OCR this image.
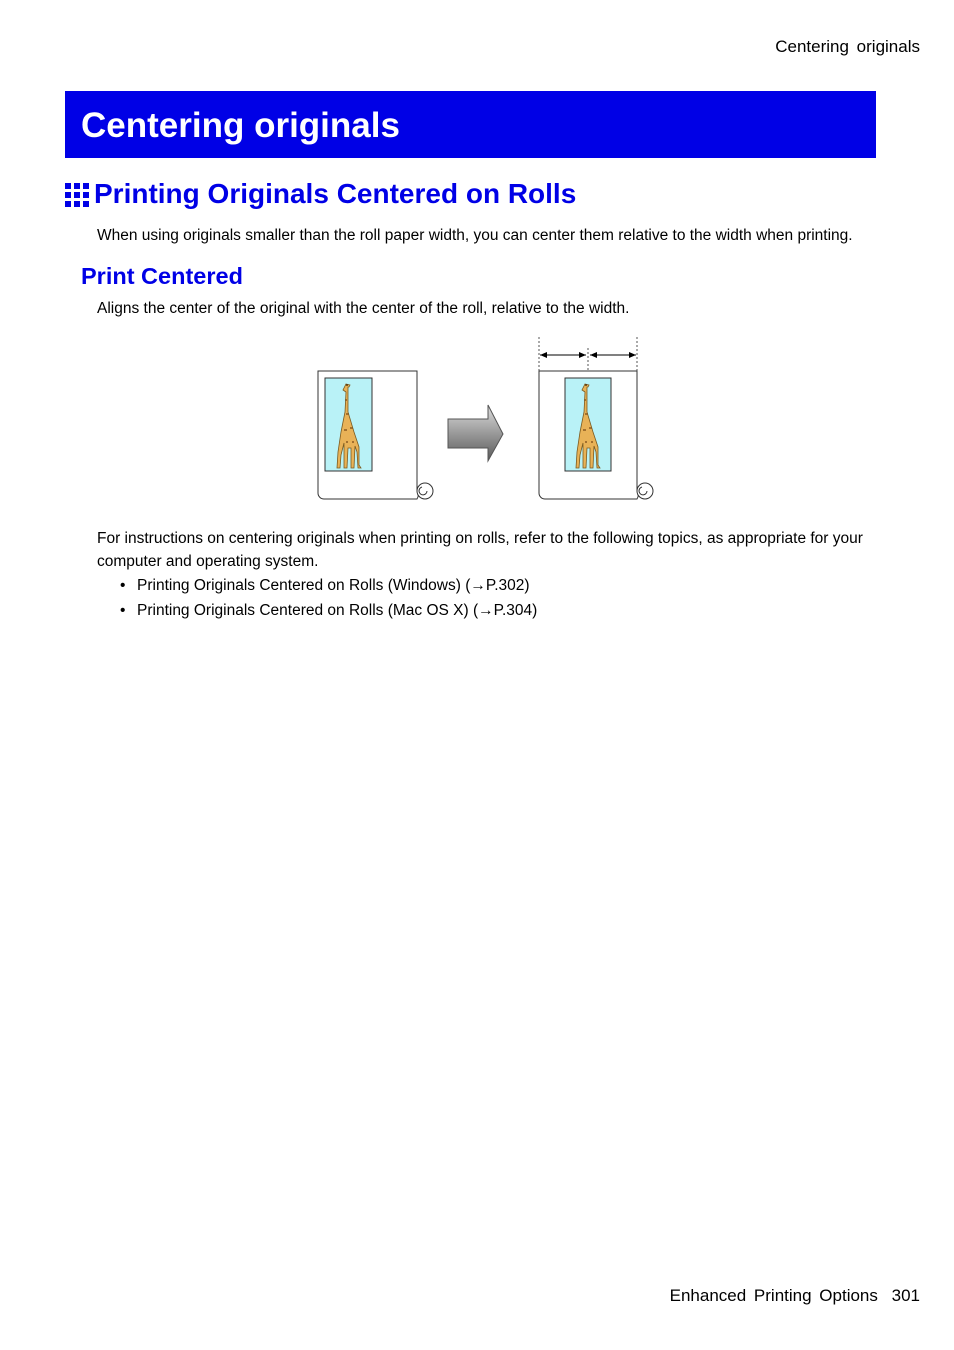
Centering originals
Centering originals
Printing Originals Centered on Rolls

When using originals smaller than the roll paper width, you can center them relative to the width when printing.

Print Centered

Aligns the center of the original with the center of the roll, relative to the width.

For instructions on centering originals when printing on rolls, refer to the following topics, as appropriate for your computer and operating system.

• Printing Originals Centered on Rolls (Windows) (→P.302)
• Printing Originals Centered on Rolls (Mac OS X) (→P.304)
Enhanced Printing Options 301
